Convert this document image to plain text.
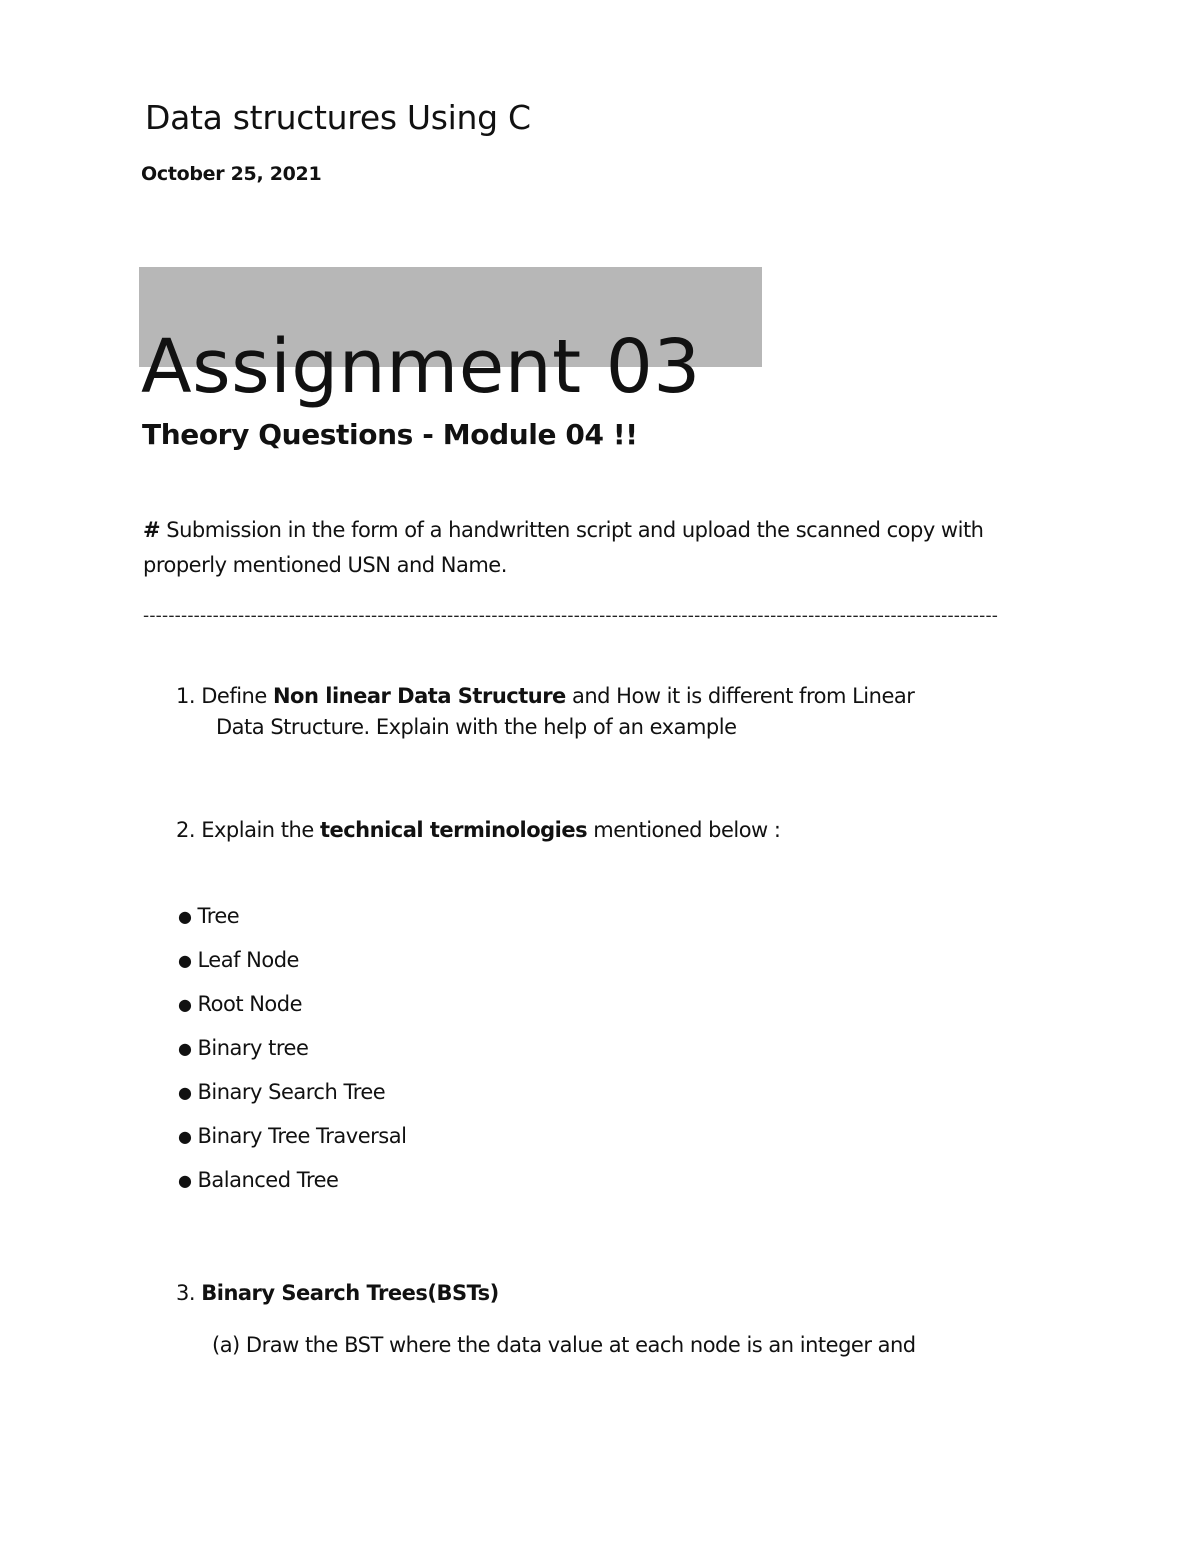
Data structures Using C

October 25, 2021

Assignment 03
Theory Questions - Module 04 !!

# Submission in the form of a handwritten script and upload the scanned copy with properly mentioned USN and Name.

---------------------------------------------------------------------------------------------------------------------------------------

1. Define Non linear Data Structure and How it is different from Linear
Data Structure. Explain with the help of an example

2. Explain the technical terminologies mentioned below :

● Tree
● Leaf Node
● Root Node
● Binary tree
● Binary Search Tree
● Binary Tree Traversal
● Balanced Tree

3. Binary Search Trees(BSTs)

(a) Draw the BST where the data value at each node is an integer and
